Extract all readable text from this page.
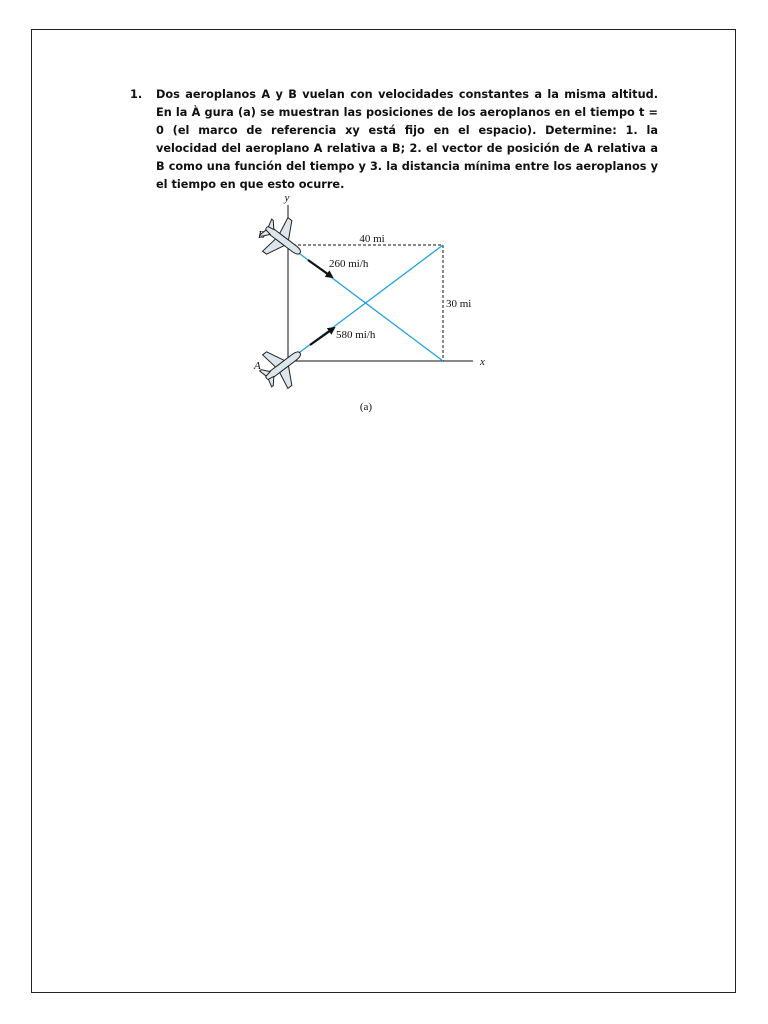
1. Dos aeroplanos A y B vuelan con velocidades constantes a la misma altitud. En la À gura (a) se muestran las posiciones de los aeroplanos en el tiempo t = 0 (el marco de referencia xy está fijo en el espacio). Determine: 1. la velocidad del aeroplano A relativa a B; 2. el vector de posición de A relativa a B como una función del tiempo y 3. la distancia mínima entre los aeroplanos y el tiempo en que esto ocurre.
y
x
40 mi
30 mi
260 mi/h
580 mi/h
A
(a)
